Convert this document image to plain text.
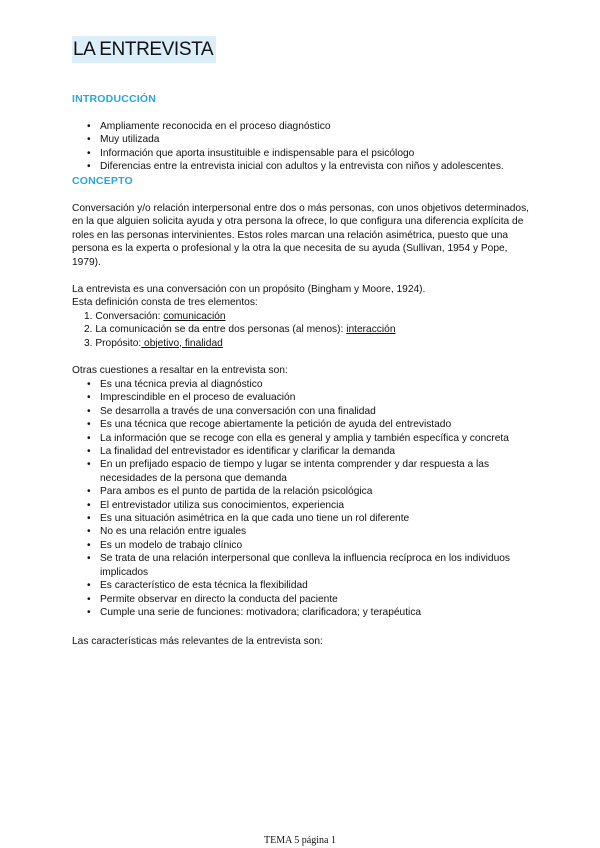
LA ENTREVISTA
INTRODUCCIÓN
• Ampliamente reconocida en el proceso diagnóstico
• Muy utilizada
• Información que aporta insustituible e indispensable para el psicólogo
• Diferencias entre la entrevista inicial con adultos y la entrevista con niños y adolescentes.
CONCEPTO

Conversación y/o relación interpersonal entre dos o más personas, con unos objetivos determinados, en la que alguien solicita ayuda y otra persona la ofrece, lo que configura una diferencia explícita de roles en las personas intervinientes. Estos roles marcan una relación asimétrica, puesto que una persona es la experta o profesional y la otra la que necesita de su ayuda (Sullivan, 1954 y Pope, 1979).

La entrevista es una conversación con un propósito (Bingham y Moore, 1924).

Esta definición consta de tres elementos:

1. Conversación: comunicación
2. La comunicación se da entre dos personas (al menos): interacción
3. Propósito: objetivo, finalidad

Otras cuestiones a resaltar en la entrevista son:

• Es una técnica previa al diagnóstico
• Imprescindible en el proceso de evaluación
• Se desarrolla a través de una conversación con una finalidad
• Es una técnica que recoge abiertamente la petición de ayuda del entrevistado
• La información que se recoge con ella es general y amplia y también específica y concreta
• La finalidad del entrevistador es identificar y clarificar la demanda
• En un prefijado espacio de tiempo y lugar se intenta comprender y dar respuesta a las necesidades de la persona que demanda
• Para ambos es el punto de partida de la relación psicológica
• El entrevistador utiliza sus conocimientos, experiencia
• Es una situación asimétrica en la que cada uno tiene un rol diferente
• No es una relación entre iguales
• Es un modelo de trabajo clínico
• Se trata de una relación interpersonal que conlleva la influencia recíproca en los individuos implicados
• Es característico de esta técnica la flexibilidad
• Permite observar en directo la conducta del paciente
• Cumple una serie de funciones: motivadora; clarificadora; y terapéutica

Las características más relevantes de la entrevista son:

TEMA 5 página 1
